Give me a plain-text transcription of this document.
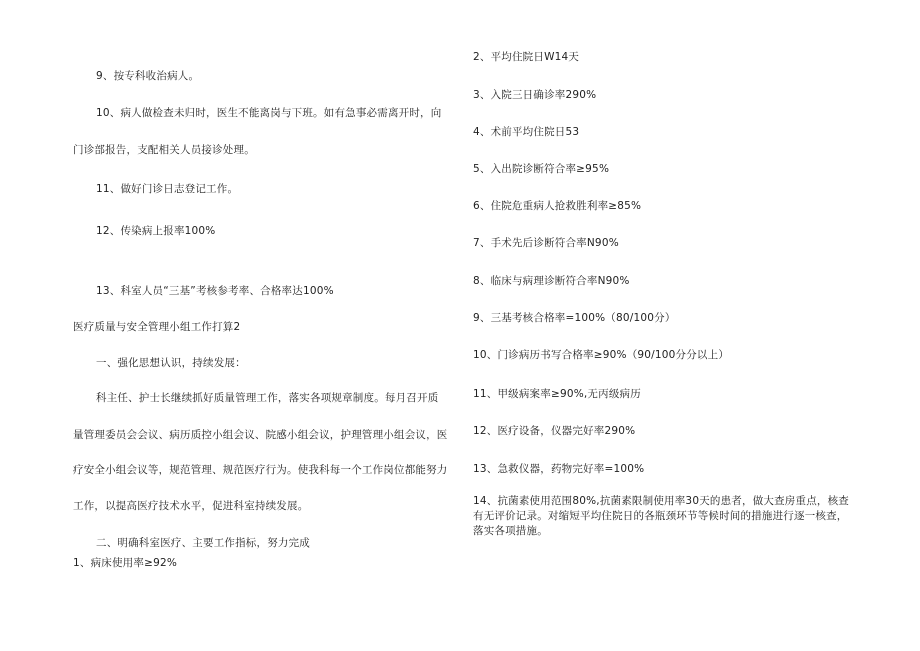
9、按专科收治病人。
10、病人做检查未归时，医生不能离岗与下班。如有急事必需离开时，向
门诊部报告，支配相关人员接诊处理。
11、做好门诊日志登记工作。
12、传染病上报率100%
13、科室人员“三基”考核参考率、合格率达100%
医疗质量与安全管理小组工作打算2
一、强化思想认识，持续发展：
科主任、护士长继续抓好质量管理工作，落实各项规章制度。每月召开质
量管理委员会会议、病历质控小组会议、院感小组会议，护理管理小组会议，医
疗安全小组会议等，规范管理、规范医疗行为。使我科每一个工作岗位都能努力
工作，以提高医疗技术水平，促进科室持续发展。
二、明确科室医疗、主要工作指标，努力完成
1、病床使用率≥92%
2、平均住院日W14天
3、入院三日确诊率290%
4、术前平均住院日53
5、入出院诊断符合率≥95%
6、住院危重病人抢救胜利率≥85%
7、手术先后诊断符合率N90%
8、临床与病理诊断符合率N90%
9、三基考核合格率=100%（80/100分）
10、门诊病历书写合格率≥90%（90/100分分以上）
11、甲级病案率≥90%,无丙级病历
12、医疗设备，仪器完好率290%
13、急救仪器，药物完好率=100%
14、抗菌素使用范围80%,抗菌素限制使用率30天的患者，做大查房重点，核查
有无评价记录。对缩短平均住院日的各瓶颈环节等候时间的措施进行逐一核查，
落实各项措施。
